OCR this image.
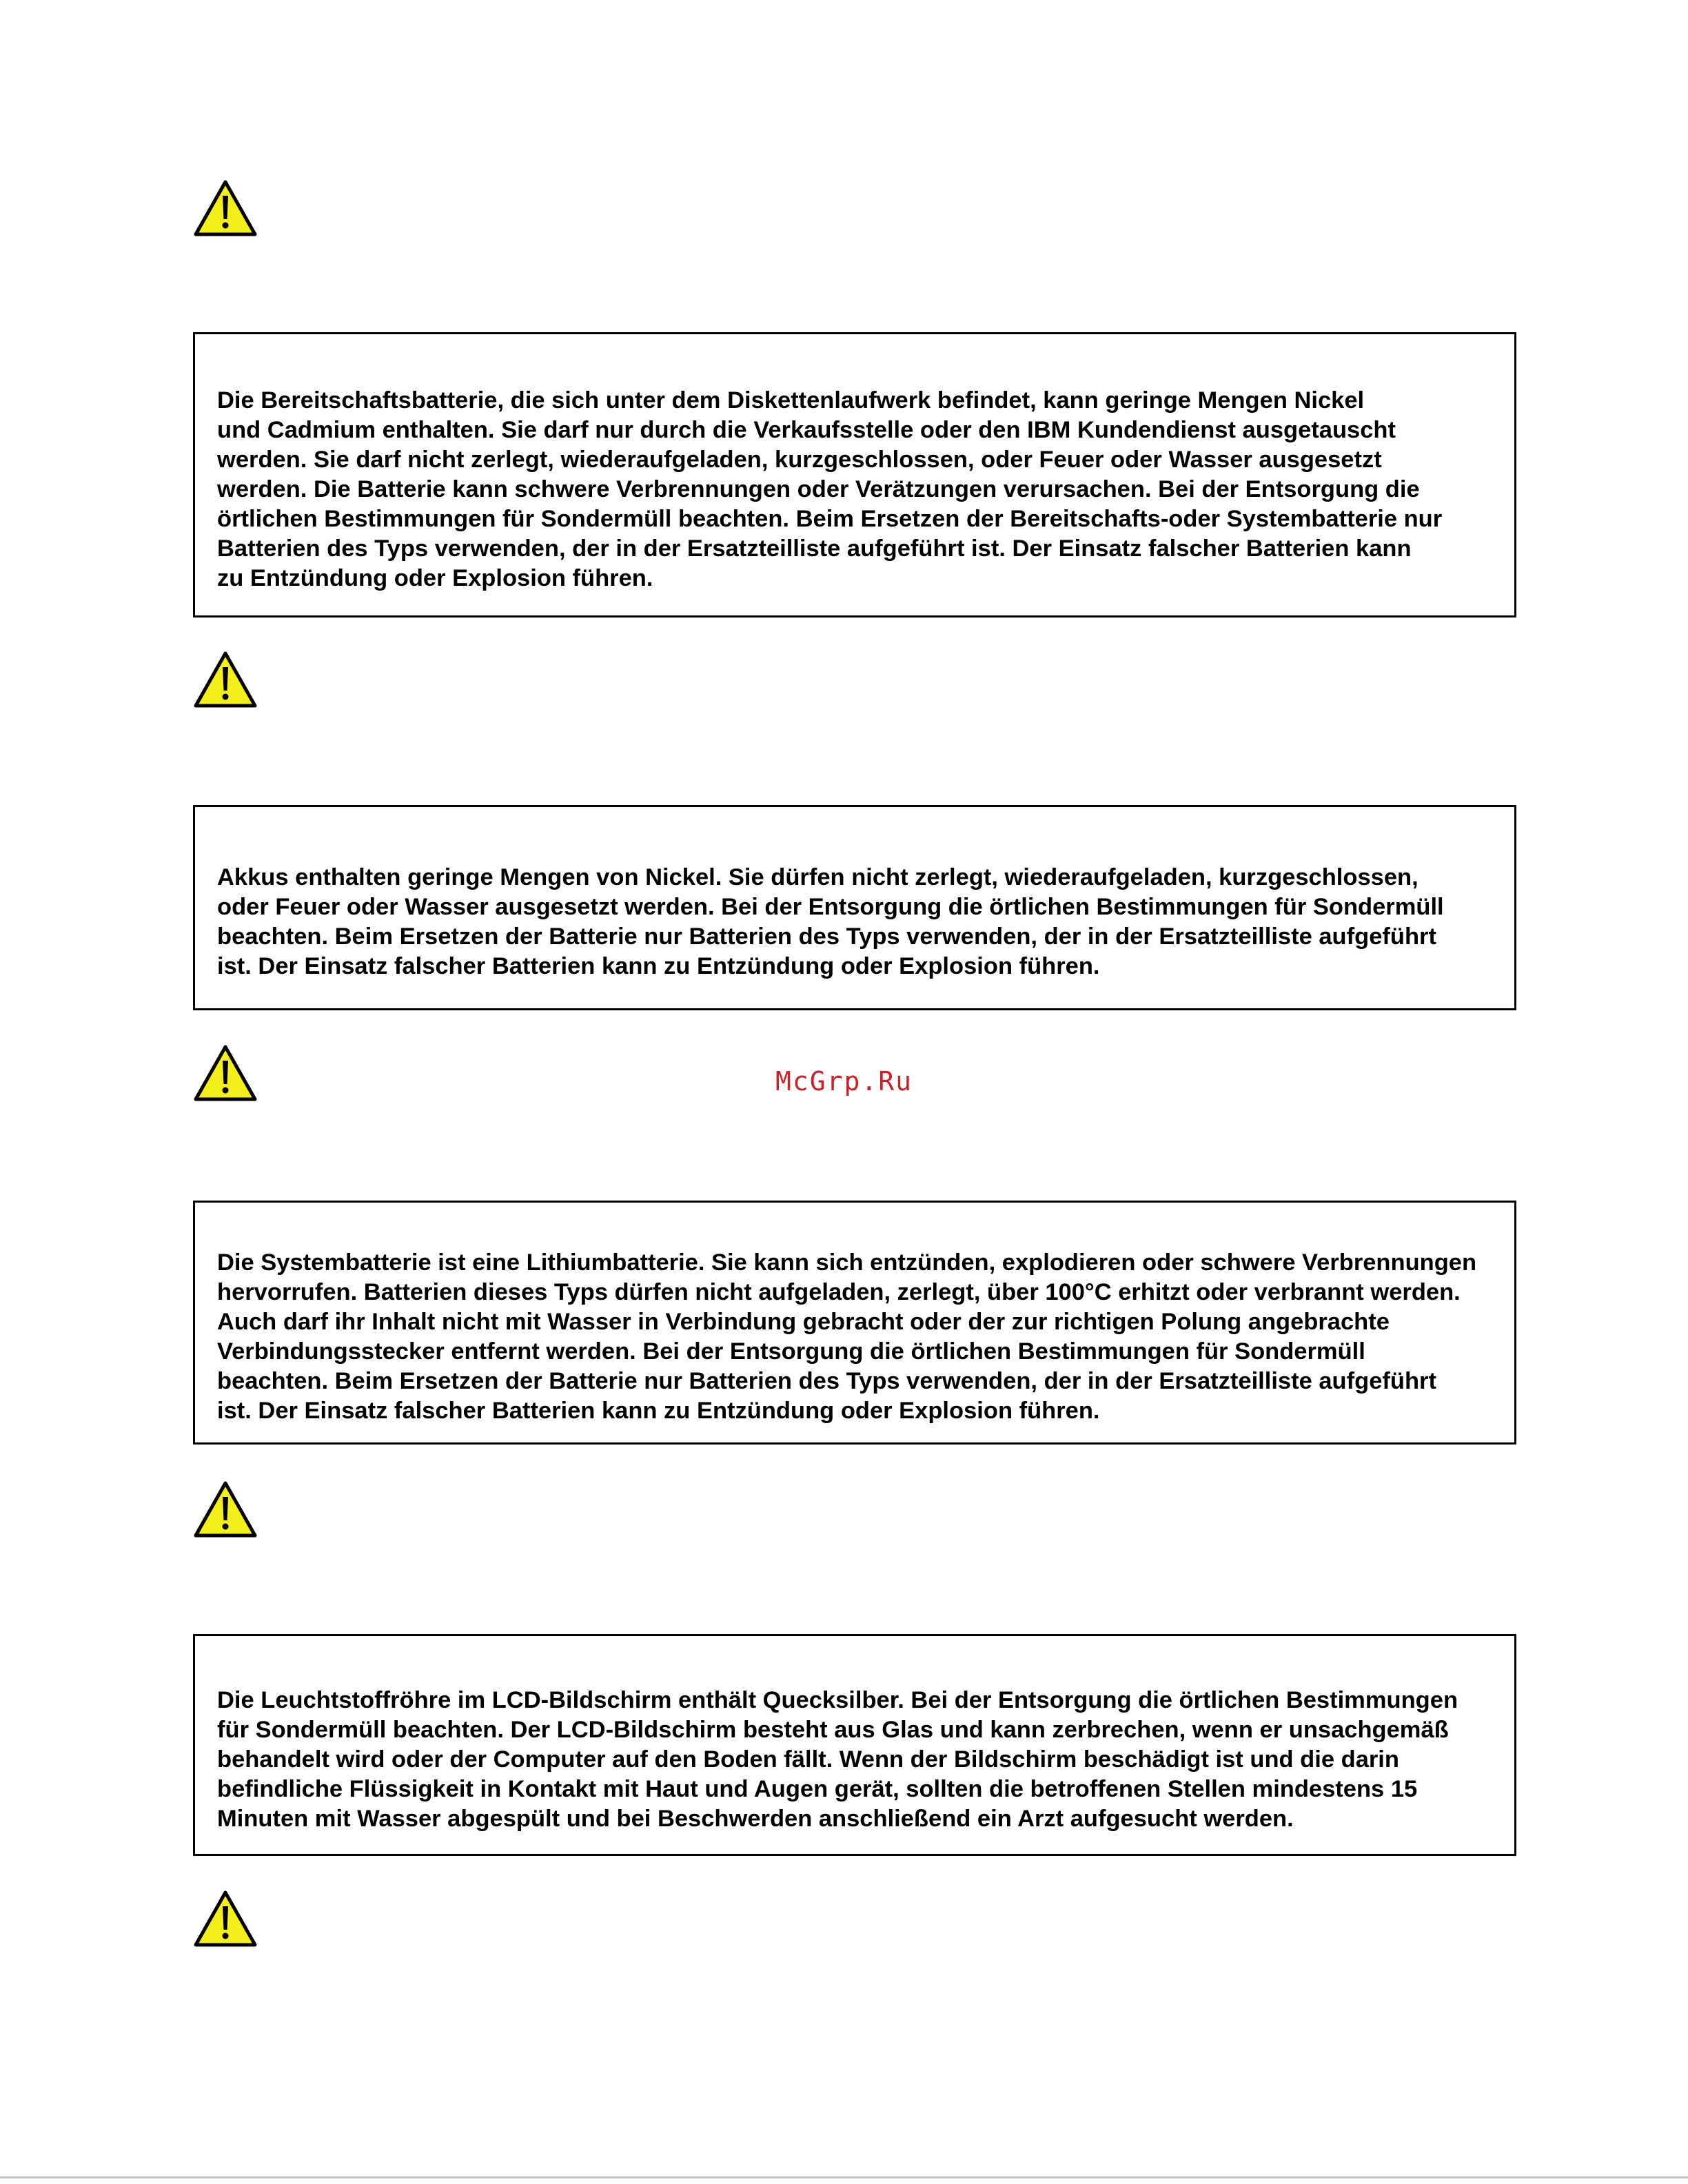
Die Bereitschaftsbatterie, die sich unter dem Diskettenlaufwerk befindet, kann geringe Mengen Nickel
und Cadmium enthalten. Sie darf nur durch die Verkaufsstelle oder den IBM Kundendienst ausgetauscht
werden. Sie darf nicht zerlegt, wiederaufgeladen, kurzgeschlossen, oder Feuer oder Wasser ausgesetzt
werden. Die Batterie kann schwere Verbrennungen oder Verätzungen verursachen. Bei der Entsorgung die
örtlichen Bestimmungen für Sondermüll beachten. Beim Ersetzen der Bereitschafts-oder Systembatterie nur
Batterien des Typs verwenden, der in der Ersatzteilliste aufgeführt ist. Der Einsatz falscher Batterien kann
zu Entzündung oder Explosion führen.

Akkus enthalten geringe Mengen von Nickel. Sie dürfen nicht zerlegt, wiederaufgeladen, kurzgeschlossen,
oder Feuer oder Wasser ausgesetzt werden. Bei der Entsorgung die örtlichen Bestimmungen für Sondermüll
beachten. Beim Ersetzen der Batterie nur Batterien des Typs verwenden, der in der Ersatzteilliste aufgeführt
ist. Der Einsatz falscher Batterien kann zu Entzündung oder Explosion führen.

McGrp.Ru

Die Systembatterie ist eine Lithiumbatterie. Sie kann sich entzünden, explodieren oder schwere Verbrennungen
hervorrufen. Batterien dieses Typs dürfen nicht aufgeladen, zerlegt, über 100°C erhitzt oder verbrannt werden.
Auch darf ihr Inhalt nicht mit Wasser in Verbindung gebracht oder der zur richtigen Polung angebrachte
Verbindungsstecker entfernt werden. Bei der Entsorgung die örtlichen Bestimmungen für Sondermüll
beachten. Beim Ersetzen der Batterie nur Batterien des Typs verwenden, der in der Ersatzteilliste aufgeführt
ist. Der Einsatz falscher Batterien kann zu Entzündung oder Explosion führen.

Die Leuchtstoffröhre im LCD-Bildschirm enthält Quecksilber. Bei der Entsorgung die örtlichen Bestimmungen
für Sondermüll beachten. Der LCD-Bildschirm besteht aus Glas und kann zerbrechen, wenn er unsachgemäß
behandelt wird oder der Computer auf den Boden fällt. Wenn der Bildschirm beschädigt ist und die darin
befindliche Flüssigkeit in Kontakt mit Haut und Augen gerät, sollten die betroffenen Stellen mindestens 15
Minuten mit Wasser abgespült und bei Beschwerden anschließend ein Arzt aufgesucht werden.
